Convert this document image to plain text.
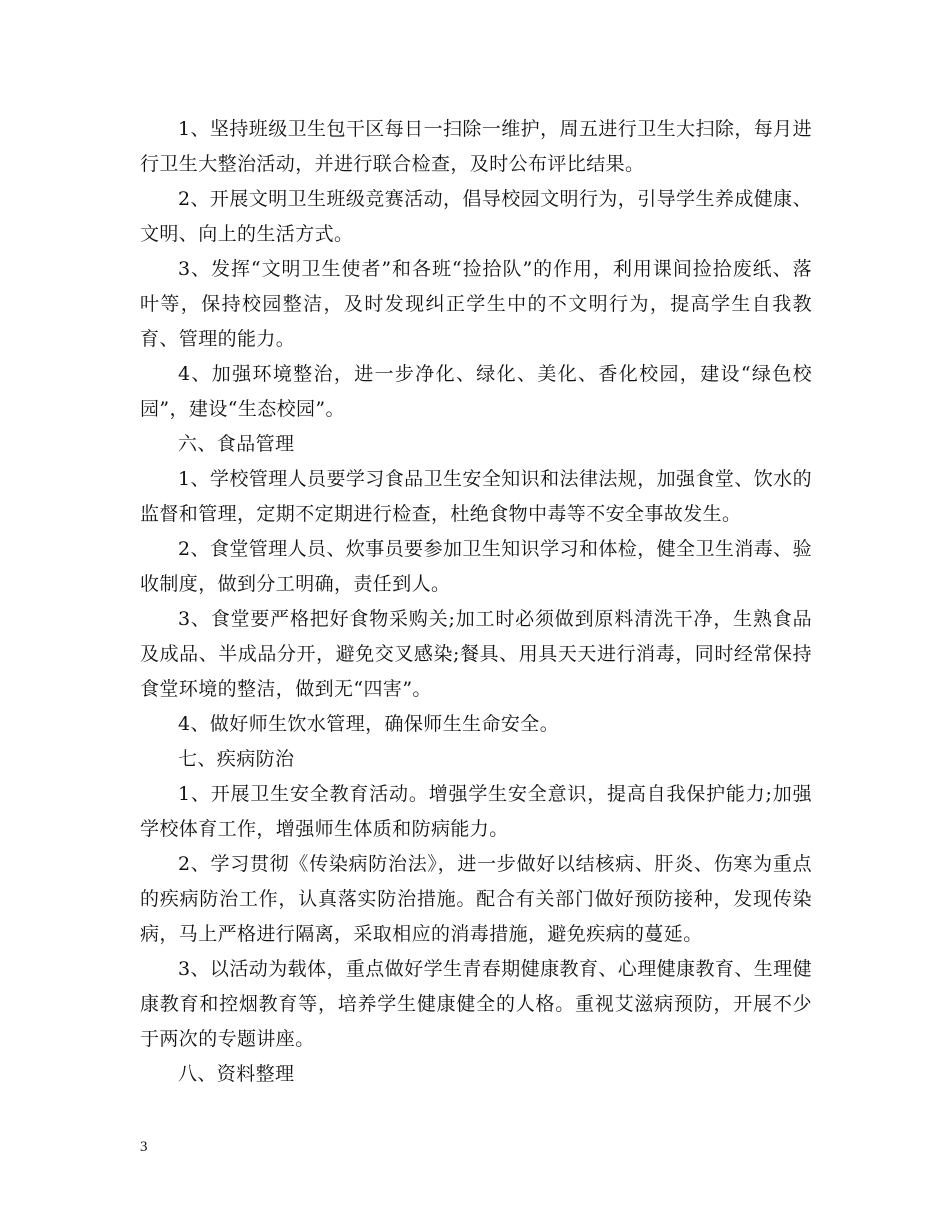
1、坚持班级卫生包干区每日一扫除一维护，周五进行卫生大扫除，每月进行卫生大整治活动，并进行联合检查，及时公布评比结果。

2、开展文明卫生班级竞赛活动，倡导校园文明行为，引导学生养成健康、文明、向上的生活方式。

3、发挥“文明卫生使者”和各班“捡拾队”的作用，利用课间捡拾废纸、落叶等，保持校园整洁，及时发现纠正学生中的不文明行为，提高学生自我教育、管理的能力。

4、加强环境整治，进一步净化、绿化、美化、香化校园，建设“绿色校园”，建设“生态校园”。

六、食品管理

1、学校管理人员要学习食品卫生安全知识和法律法规，加强食堂、饮水的监督和管理，定期不定期进行检查，杜绝食物中毒等不安全事故发生。

2、食堂管理人员、炊事员要参加卫生知识学习和体检，健全卫生消毒、验收制度，做到分工明确，责任到人。

3、食堂要严格把好食物采购关;加工时必须做到原料清洗干净，生熟食品及成品、半成品分开，避免交叉感染;餐具、用具天天进行消毒，同时经常保持食堂环境的整洁，做到无“四害”。

4、做好师生饮水管理，确保师生生命安全。

七、疾病防治

1、开展卫生安全教育活动。增强学生安全意识，提高自我保护能力;加强学校体育工作，增强师生体质和防病能力。

2、学习贯彻《传染病防治法》，进一步做好以结核病、肝炎、伤寒为重点的疾病防治工作，认真落实防治措施。配合有关部门做好预防接种，发现传染病，马上严格进行隔离，采取相应的消毒措施，避免疾病的蔓延。

3、以活动为载体，重点做好学生青春期健康教育、心理健康教育、生理健康教育和控烟教育等，培养学生健康健全的人格。重视艾滋病预防，开展不少于两次的专题讲座。

八、资料整理

3
